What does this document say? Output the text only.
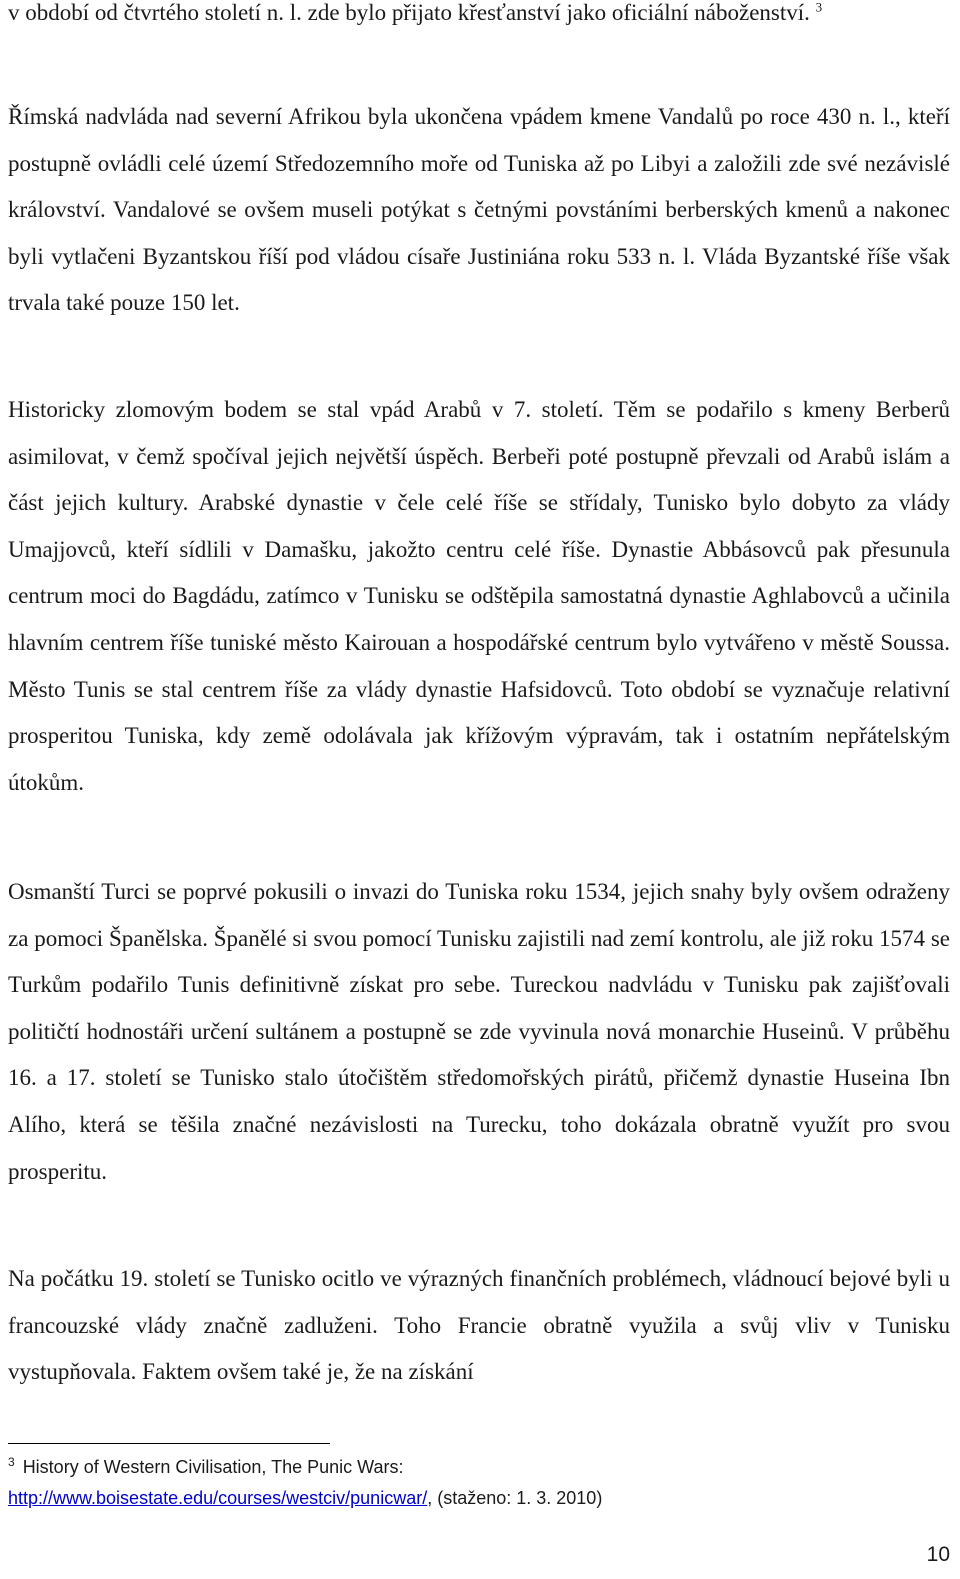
v období od čtvrtého století n. l. zde bylo přijato křesťanství jako oficiální náboženství. $^3$

Římská nadvláda nad severní Afrikou byla ukončena vpádem kmene Vandalů po roce 430 n. l., kteří postupně ovládli celé území Středozemního moře od Tuniska až po Libyi a založili zde své nezávislé království. Vandalové se ovšem museli potýkat s četnými povstáními berberských kmenů a nakonec byli vytlačeni Byzantskou říší pod vládou císaře Justiniána roku 533 n. l. Vláda Byzantské říše však trvala také pouze 150 let.

Historicky zlomovým bodem se stal vpád Arabů v 7. století. Těm se podařilo s kmeny Berberů asimilovat, v čemž spočíval jejich největší úspěch. Berbeři poté postupně převzali od Arabů islám a část jejich kultury. Arabské dynastie v čele celé říše se střídaly, Tunisko bylo dobyto za vlády Umajjovců, kteří sídlili v Damašku, jakožto centru celé říše. Dynastie Abbásovců pak přesunula centrum moci do Bagdádu, zatímco v Tunisku se odštěpila samostatná dynastie Aghlabovců a učinila hlavním centrem říše tuniské město Kairouan a hospodářské centrum bylo vytvářeno v městě Soussa. Město Tunis se stal centrem říše za vlády dynastie Hafsidovců. Toto období se vyznačuje relativní prosperitou Tuniska, kdy země odolávala jak křížovým výpravám, tak i ostatním nepřátelským útokům.

Osmanští Turci se poprvé pokusili o invazi do Tuniska roku 1534, jejich snahy byly ovšem odraženy za pomoci Španělska. Španělé si svou pomocí Tunisku zajistili nad zemí kontrolu, ale již roku 1574 se Turkům podařilo Tunis definitivně získat pro sebe. Tureckou nadvládu v Tunisku pak zajišťovali političtí hodnostáři určení sultánem a postupně se zde vyvinula nová monarchie Huseinů. V průběhu 16. a 17. století se Tunisko stalo útočištěm středomořských pirátů, přičemž dynastie Huseina Ibn Alího, která se těšila značné nezávislosti na Turecku, toho dokázala obratně využít pro svou prosperitu.

Na počátku 19. století se Tunisko ocitlo ve výrazných finančních problémech, vládnoucí bejové byli u francouzské vlády značně zadluženi. Toho Francie obratně využila a svůj vliv v Tunisku vystupňovala. Faktem ovšem také je, že na získání

$^3$ History of Western Civilisation, The Punic Wars:
http://www.boisestate.edu/courses/westciv/punicwar/, (staženo: 1. 3. 2010)
10
